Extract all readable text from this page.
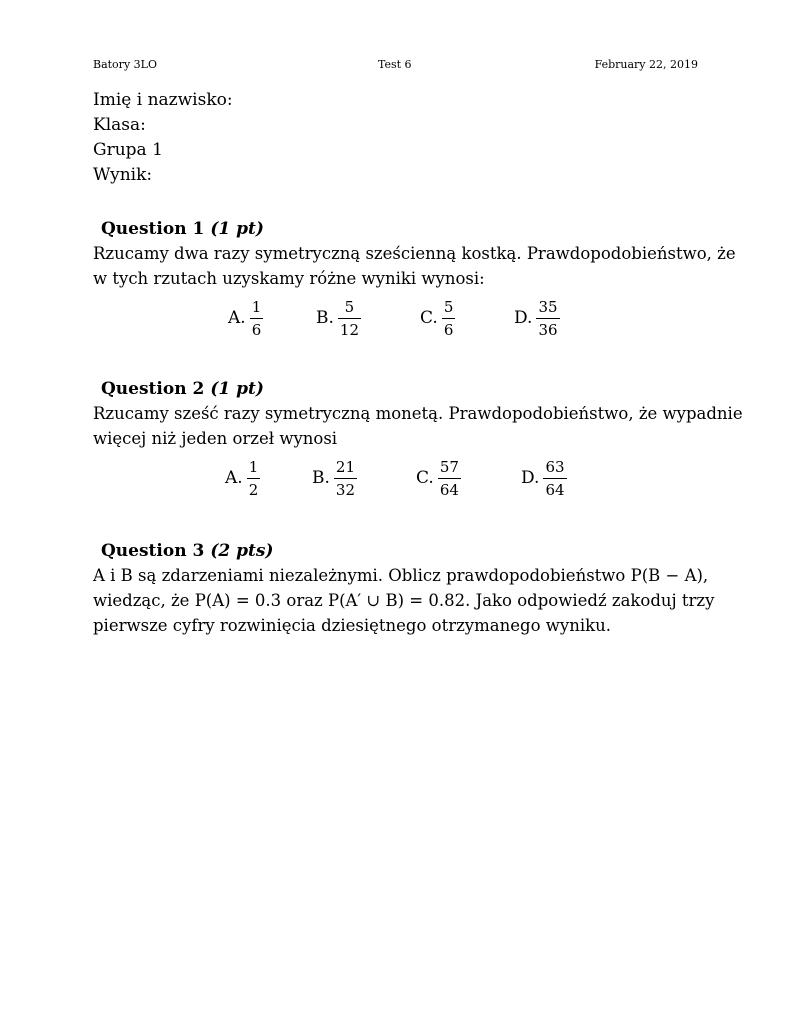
Batory 3LO	Test 6	February 22, 2019
Imię i nazwisko:
Klasa:
Grupa 1
Wynik:
Question 1 (1 pt)
Rzucamy dwa razy symetryczną sześcienną kostką. Prawdopodobieństwo, że
w tych rzutach uzyskamy różne wyniki wynosi:
A. $\frac{1}{6}$	B. $\frac{5}{12}$	C. $\frac{5}{6}$	D. $\frac{35}{36}$
Question 2 (1 pt)
Rzucamy sześć razy symetryczną monetą. Prawdopodobieństwo, że wypadnie
więcej niż jeden orzeł wynosi
A. $\frac{1}{2}$	B. $\frac{21}{32}$	C. $\frac{57}{64}$	D. $\frac{63}{64}$
Question 3 (2 pts)
A i B są zdarzeniami niezależnymi. Oblicz prawdopodobieństwo P(B − A),
wiedząc, że P(A) = 0.3 oraz P(A′ ∪ B) = 0.82. Jako odpowiedź zakoduj trzy
pierwsze cyfry rozwinięcia dziesiętnego otrzymanego wyniku.
